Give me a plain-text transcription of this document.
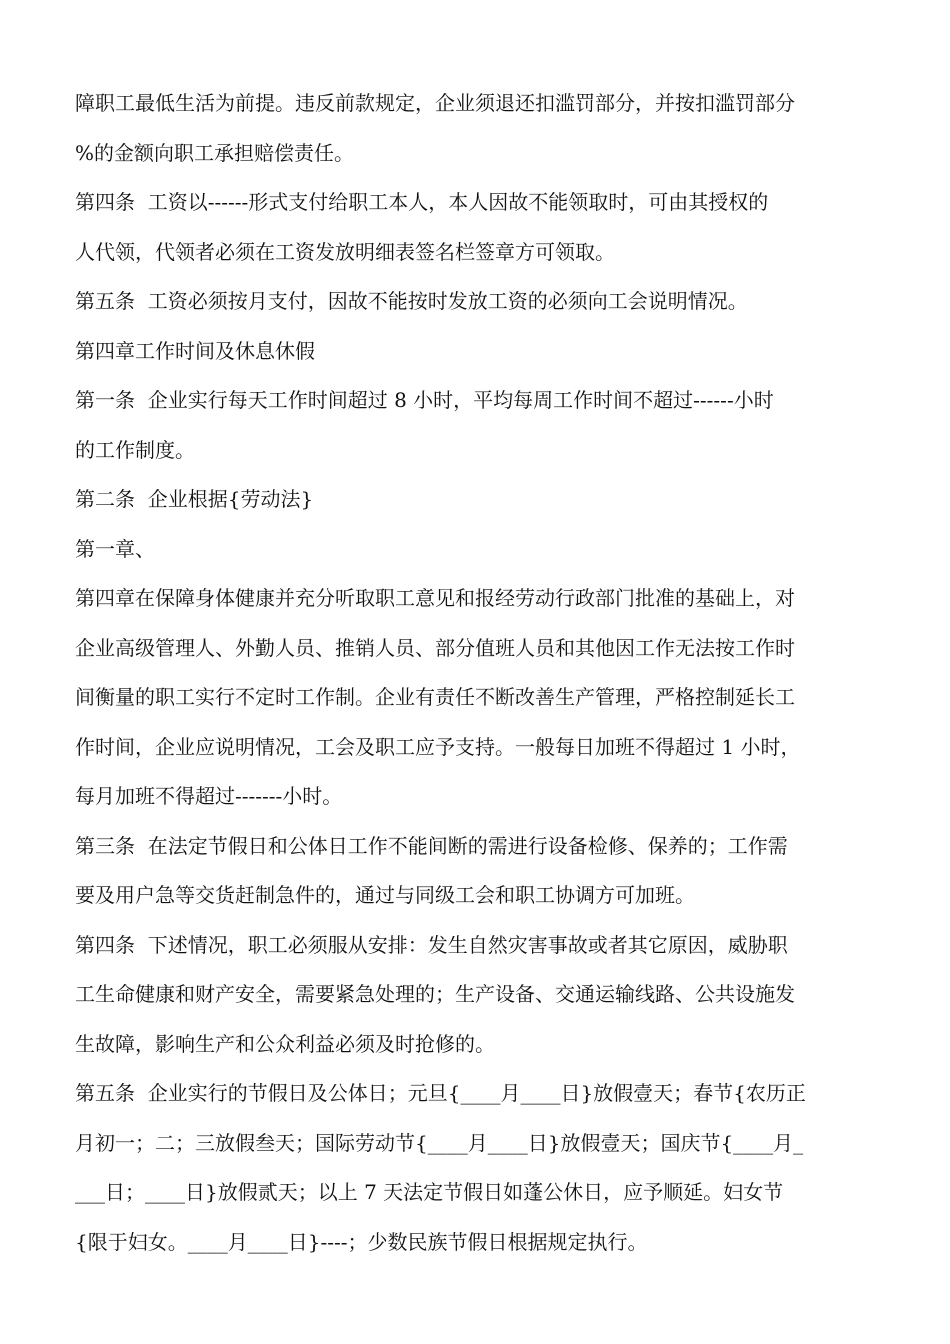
障职工最低生活为前提。违反前款规定，企业须退还扣滥罚部分，并按扣滥罚部分
%的金额向职工承担赔偿责任。
第四条  工资以------形式支付给职工本人，本人因故不能领取时，可由其授权的
人代领，代领者必须在工资发放明细表签名栏签章方可领取。
第五条  工资必须按月支付，因故不能按时发放工资的必须向工会说明情况。
第四章工作时间及休息休假
第一条  企业实行每天工作时间超过 8 小时，平均每周工作时间不超过------小时
的工作制度。
第二条  企业根据{劳动法}
第一章、
第四章在保障身体健康并充分听取职工意见和报经劳动行政部门批准的基础上，对
企业高级管理人、外勤人员、推销人员、部分值班人员和其他因工作无法按工作时
间衡量的职工实行不定时工作制。企业有责任不断改善生产管理，严格控制延长工
作时间，企业应说明情况，工会及职工应予支持。一般每日加班不得超过 1 小时，
每月加班不得超过-------小时。
第三条  在法定节假日和公体日工作不能间断的需进行设备检修、保养的；工作需
要及用户急等交货赶制急件的，通过与同级工会和职工协调方可加班。
第四条  下述情况，职工必须服从安排：发生自然灾害事故或者其它原因，威胁职
工生命健康和财产安全，需要紧急处理的；生产设备、交通运输线路、公共设施发
生故障，影响生产和公众利益必须及时抢修的。
第五条  企业实行的节假日及公体日；元旦{____月____日}放假壹天；春节{农历正
月初一；二；三放假叁天；国际劳动节{____月____日}放假壹天；国庆节{____月_
___日；____日}放假贰天；以上 7 天法定节假日如蓬公休日，应予顺延。妇女节
{限于妇女。____月____日}----；少数民族节假日根据规定执行。
